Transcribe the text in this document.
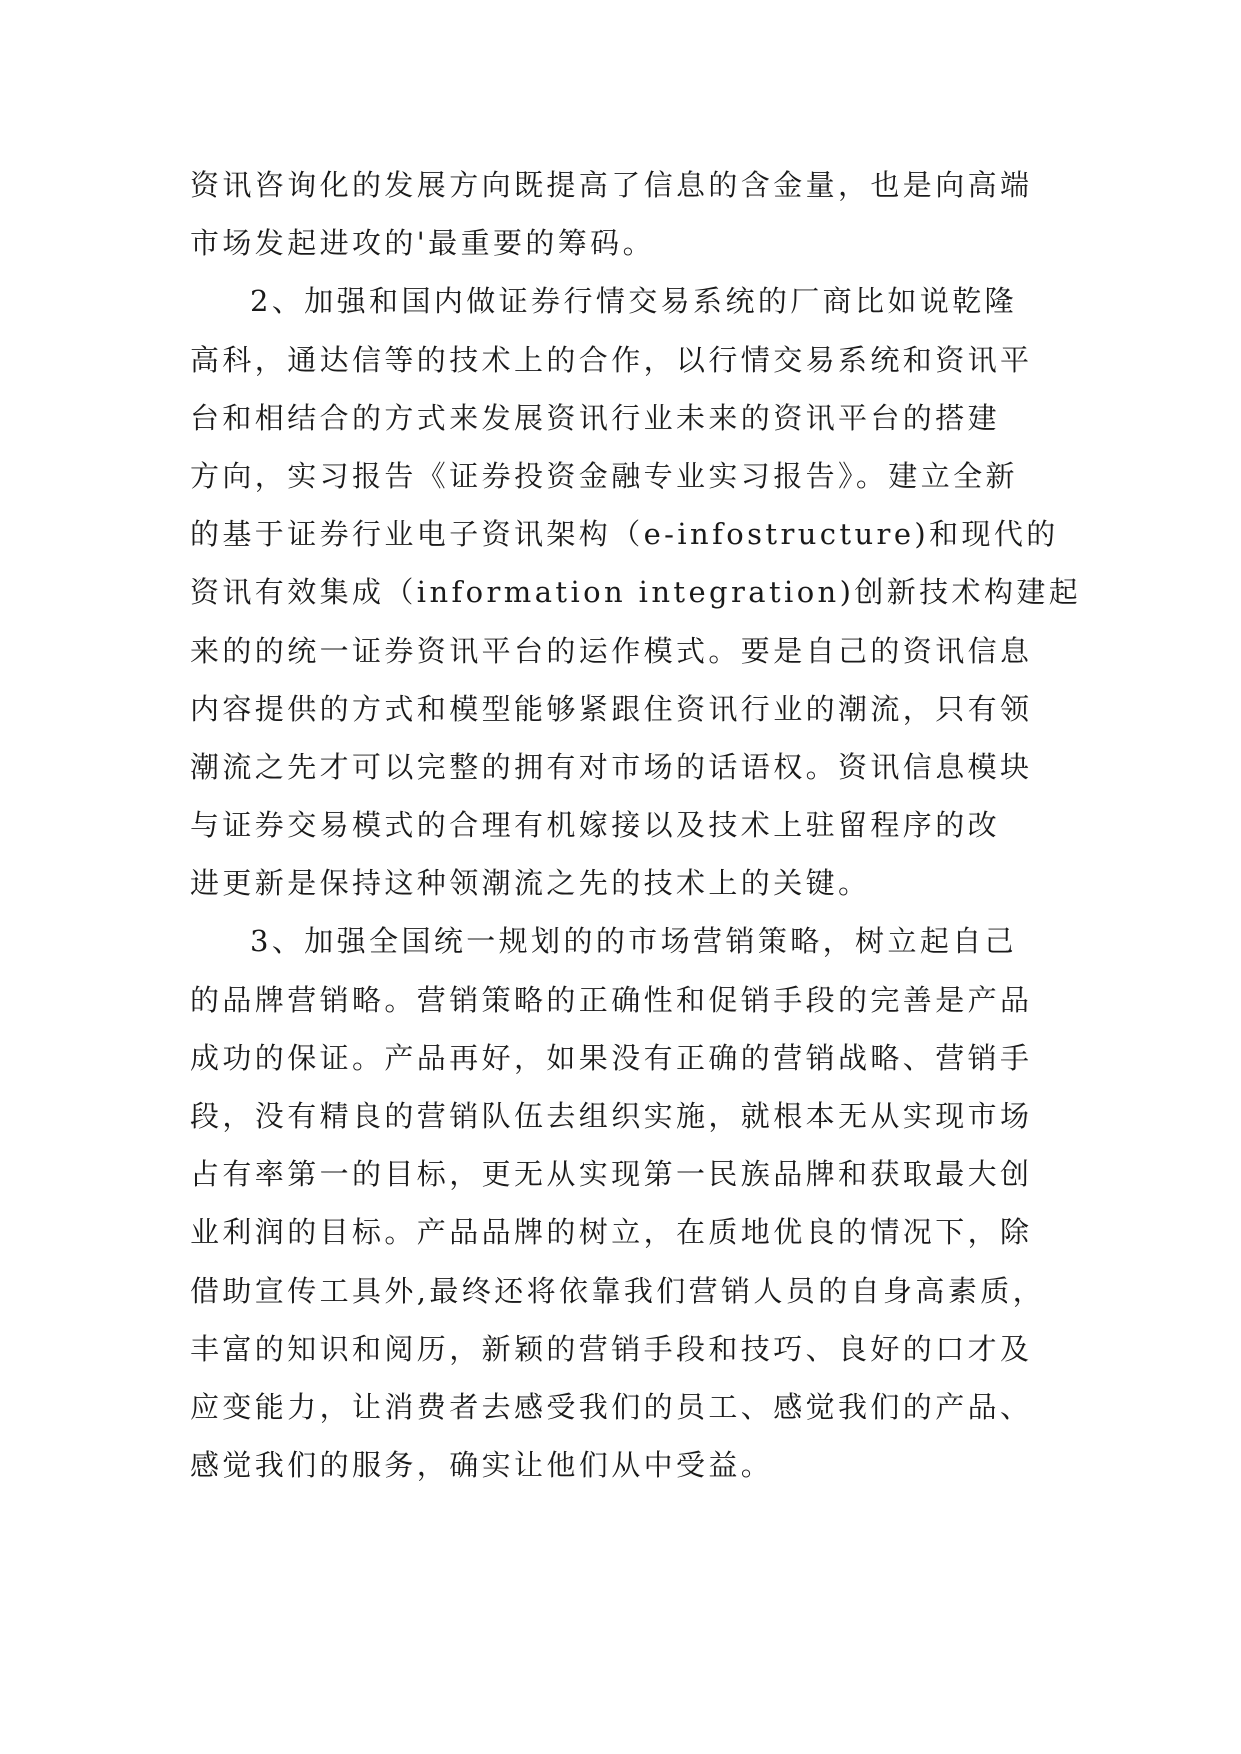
资讯咨询化的发展方向既提高了信息的含金量，也是向高端
市场发起进攻的'最重要的筹码。
2、加强和国内做证券行情交易系统的厂商比如说乾隆
高科，通达信等的技术上的合作，以行情交易系统和资讯平
台和相结合的方式来发展资讯行业未来的资讯平台的搭建
方向，实习报告《证券投资金融专业实习报告》。建立全新
的基于证券行业电子资讯架构（e-infostructure)和现代的
资讯有效集成（information integration)创新技术构建起
来的的统一证券资讯平台的运作模式。要是自己的资讯信息
内容提供的方式和模型能够紧跟住资讯行业的潮流，只有领
潮流之先才可以完整的拥有对市场的话语权。资讯信息模块
与证券交易模式的合理有机嫁接以及技术上驻留程序的改
进更新是保持这种领潮流之先的技术上的关键。
3、加强全国统一规划的的市场营销策略，树立起自己
的品牌营销略。营销策略的正确性和促销手段的完善是产品
成功的保证。产品再好，如果没有正确的营销战略、营销手
段，没有精良的营销队伍去组织实施，就根本无从实现市场
占有率第一的目标，更无从实现第一民族品牌和获取最大创
业利润的目标。产品品牌的树立，在质地优良的情况下，除
借助宣传工具外,最终还将依靠我们营销人员的自身高素质，
丰富的知识和阅历，新颖的营销手段和技巧、良好的口才及
应变能力，让消费者去感受我们的员工、感觉我们的产品、
感觉我们的服务，确实让他们从中受益。
